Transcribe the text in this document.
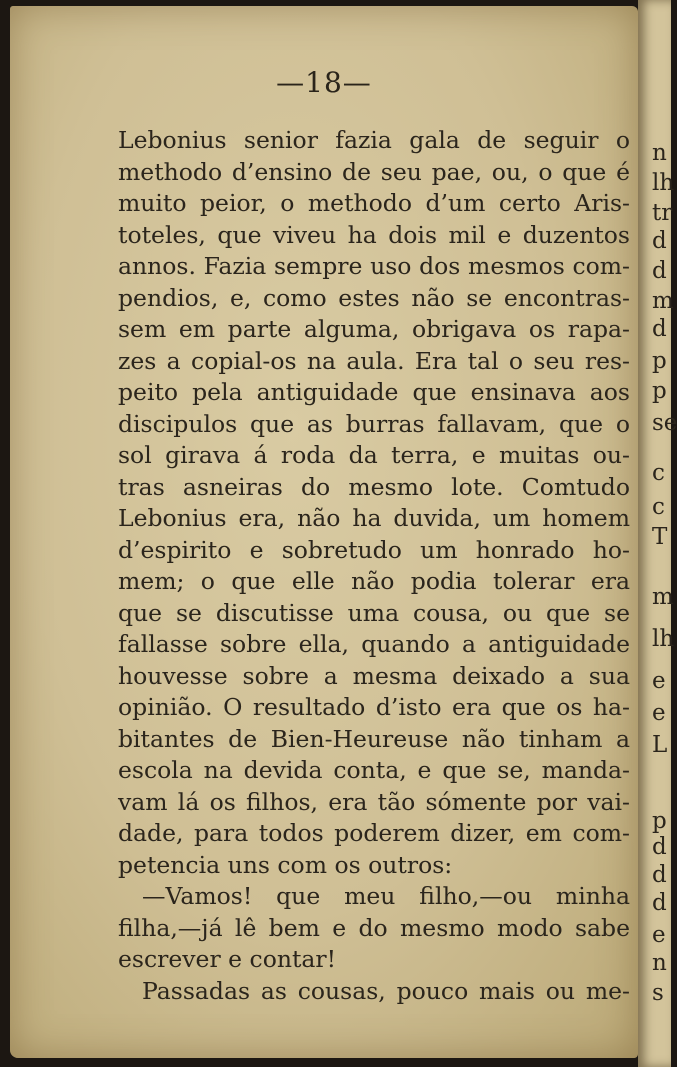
—18—
Lebonius senior fazia gala de seguir o
methodo d’ensino de seu pae, ou, o que é
muito peior, o methodo d’um certo Aris-
toteles, que viveu ha dois mil e duzentos
annos. Fazia sempre uso dos mesmos com-
pendios, e, como estes não se encontras-
sem em parte alguma, obrigava os rapa-
zes a copial-os na aula. Era tal o seu res-
peito pela antiguidade que ensinava aos
discipulos que as burras fallavam, que o
sol girava á roda da terra, e muitas ou-
tras asneiras do mesmo lote. Comtudo
Lebonius era, não ha duvida, um homem
d’espirito e sobretudo um honrado ho-
mem; o que elle não podia tolerar era
que se discutisse uma cousa, ou que se
fallasse sobre ella, quando a antiguidade
houvesse sobre a mesma deixado a sua
opinião. O resultado d’isto era que os ha-
bitantes de Bien-Heureuse não tinham a
escola na devida conta, e que se, manda-
vam lá os filhos, era tão sómente por vai-
dade, para todos poderem dizer, em com-
petencia uns com os outros:
—Vamos! que meu filho,—ou minha
filha,—já lê bem e do mesmo modo sabe
escrever e contar!
Passadas as cousas, pouco mais ou me-
n
lh
tr
d
d
m
d
p
p
se
c
c
T
m
lh
e
e
L
p
d
d
d
e
n
s
